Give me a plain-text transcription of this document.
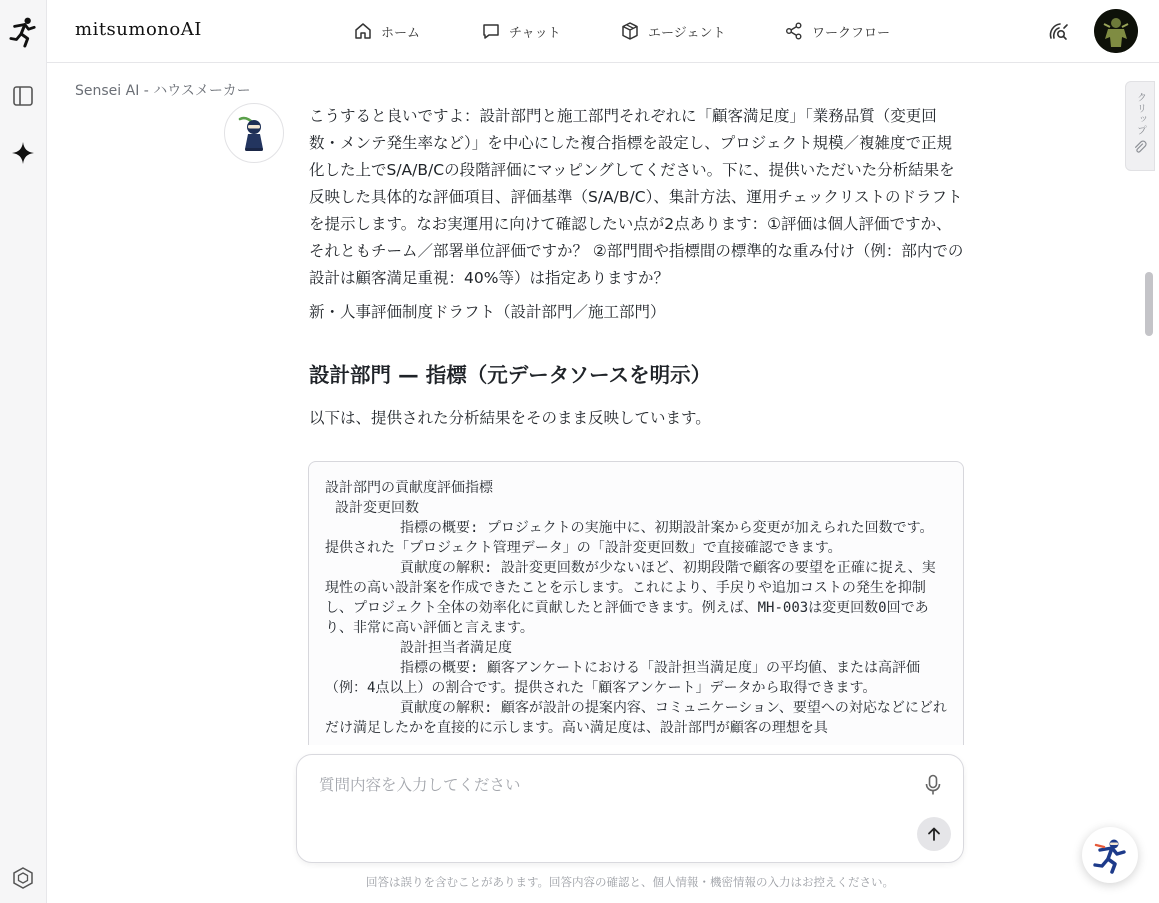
mitsumonoAI	ホーム	チャット	エージェント	ワークフロー
Sensei AI - ハウスメーカー

こうすると良いですよ：設計部門と施工部門それぞれに「顧客満足度」「業務品質（変更回数・メンテ発生率など）」を中心にした複合指標を設定し、プロジェクト規模／複雑度で正規化した上でS/A/B/Cの段階評価にマッピングしてください。下に、提供いただいた分析結果を反映した具体的な評価項目、評価基準（S/A/B/C）、集計方法、運用チェックリストのドラフトを提示します。なお実運用に向けて確認したい点が2点あります：①評価は個人評価ですか、それともチーム／部署単位評価ですか？ ②部門間や指標間の標準的な重み付け（例：部内での設計は顧客満足重視：40%等）は指定ありますか？

新・人事評価制度ドラフト（設計部門／施工部門）

設計部門 — 指標（元データソースを明示）

以下は、提供された分析結果をそのまま反映しています。

設計部門の貢献度評価指標
設計変更回数
指標の概要: プロジェクトの実施中に、初期設計案から変更が加えられた回数です。提供された「プロジェクト管理データ」の「設計変更回数」で直接確認できます。
貢献度の解釈: 設計変更回数が少ないほど、初期段階で顧客の要望を正確に捉え、実現性の高い設計案を作成できたことを示します。これにより、手戻りや追加コストの発生を抑制し、プロジェクト全体の効率化に貢献したと評価できます。例えば、MH-003は変更回数0回であり、非常に高い評価と言えます。
設計担当者満足度
指標の概要: 顧客アンケートにおける「設計担当満足度」の平均値、または高評価（例：4点以上）の割合です。提供された「顧客アンケート」データから取得できます。
貢献度の解釈: 顧客が設計の提案内容、コミュニケーション、要望への対応などにどれだけ満足したかを直接的に示します。高い満足度は、設計部門が顧客の理想を具
クリップ
質問内容を入力してください
回答は誤りを含むことがあります。回答内容の確認と、個人情報・機密情報の入力はお控えください。
